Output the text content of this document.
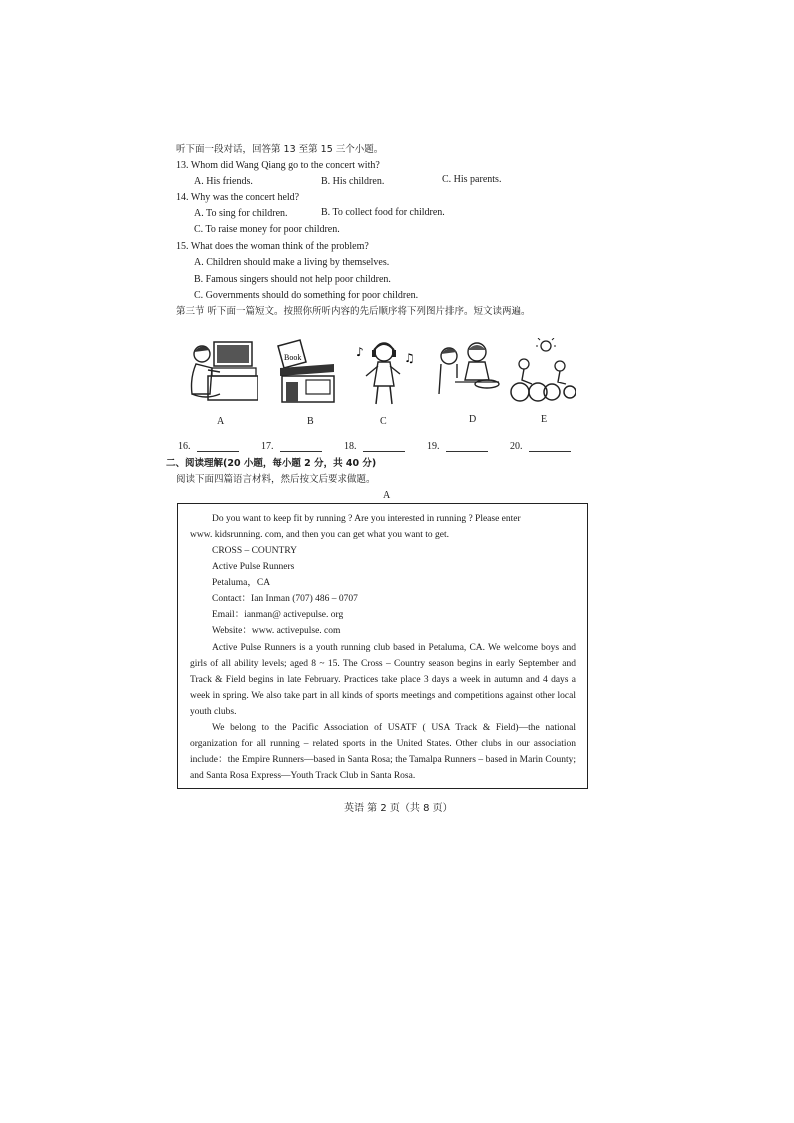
听下面一段对话，回答第 13 至第 15 三个小题。
13. Whom did Wang Qiang go to the concert with?
A. His friends.	B. His children.	C. His parents.
14. Why was the concert held?
A. To sing for children.	B. To collect food for children.
C. To raise money for poor children.
15. What does the woman think of the problem?
A. Children should make a living by themselves.
B. Famous singers should not help poor children.
C. Governments should do something for poor children.
第三节 听下面一篇短文。按照你所听内容的先后顺序将下列图片排序。短文读两遍。
A
Book
B
♪	♫
C	D	E
16.	17.	18.	19.	20.
二、阅读理解(20 小题，每小题 2 分，共 40 分)
阅读下面四篇语言材料，然后按文后要求做题。
A
Do you want to keep fit by running ? Are you interested in running ? Please enter
www. kidsrunning. com, and then you can get what you want to get.
CROSS – COUNTRY
Active Pulse Runners
Petaluma，CA
Contact：Ian Inman (707) 486 – 0707
Email：ianman@ activepulse. org
Website：www. activepulse. com
Active Pulse Runners is a youth running club based in Petaluma, CA. We welcome boys and girls of all ability levels; aged 8 ~ 15. The Cross – Country season begins in early September and Track & Field begins in late February. Practices take place 3 days a week in autumn and 4 days a week in spring. We also take part in all kinds of sports meetings and competitions against other local youth clubs.
We belong to the Pacific Association of USATF ( USA Track & Field)—the national organization for all running – related sports in the United States. Other clubs in our association include：the Empire Runners—based in Santa Rosa; the Tamalpa Runners – based in Marin County; and Santa Rosa Express—Youth Track Club in Santa Rosa.
英语 第 2 页（共 8 页）
